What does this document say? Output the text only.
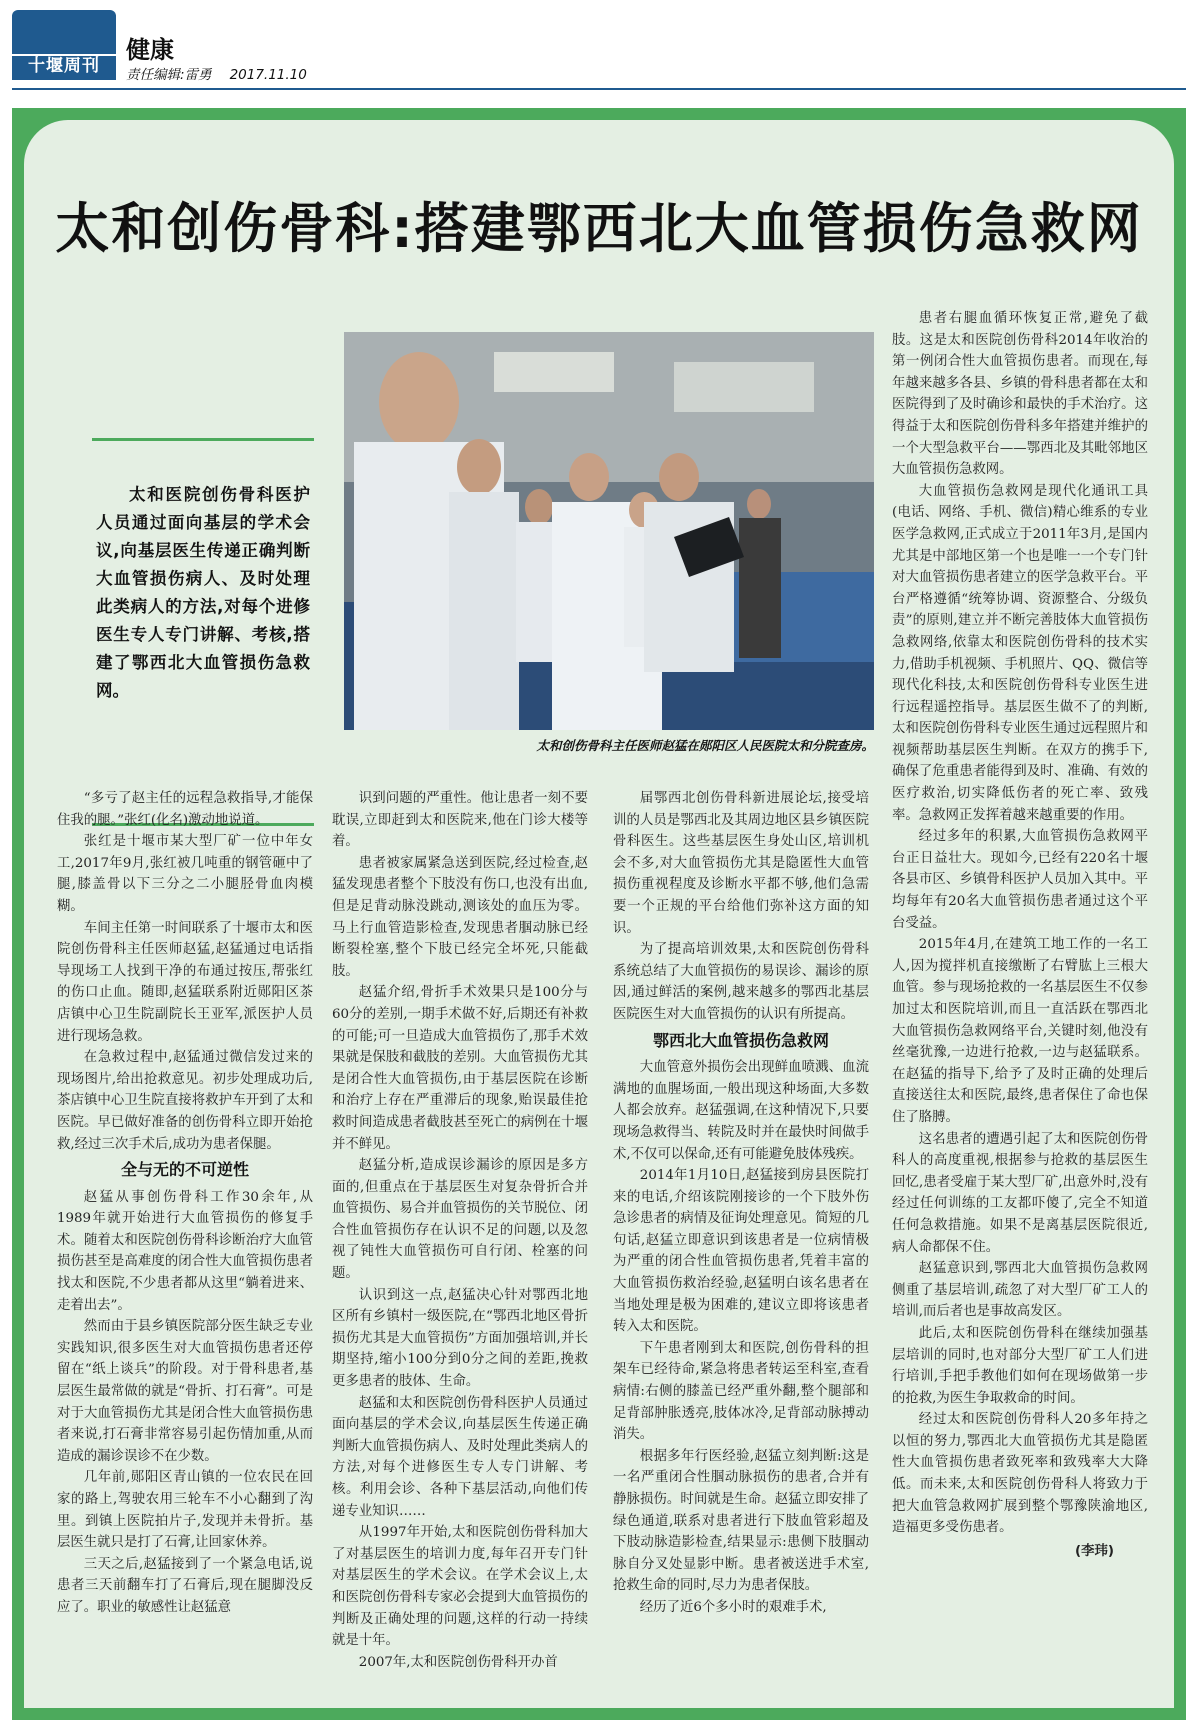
十堰周刊
健康
责任编辑:雷勇 2017.11.10
太和创伤骨科:搭建鄂西北大血管损伤急救网
太和创伤骨科主任医师赵猛在郧阳区人民医院太和分院查房。

太和医院创伤骨科医护人员通过面向基层的学术会议,向基层医生传递正确判断大血管损伤病人、及时处理此类病人的方法,对每个进修医生专人专门讲解、考核,搭建了鄂西北大血管损伤急救网。

“多亏了赵主任的远程急救指导,才能保住我的腿。”张红(化名)激动地说道。

张红是十堰市某大型厂矿一位中年女工,2017年9月,张红被几吨重的钢管砸中了腿,膝盖骨以下三分之二小腿胫骨血肉模糊。

车间主任第一时间联系了十堰市太和医院创伤骨科主任医师赵猛,赵猛通过电话指导现场工人找到干净的布通过按压,帮张红的伤口止血。随即,赵猛联系附近郧阳区茶店镇中心卫生院副院长王亚军,派医护人员进行现场急救。

在急救过程中,赵猛通过微信发过来的现场图片,给出抢救意见。初步处理成功后,茶店镇中心卫生院直接将救护车开到了太和医院。早已做好准备的创伤骨科立即开始抢救,经过三次手术后,成功为患者保腿。

全与无的不可逆性

赵猛从事创伤骨科工作30余年,从1989年就开始进行大血管损伤的修复手术。随着太和医院创伤骨科诊断治疗大血管损伤甚至是高难度的闭合性大血管损伤患者找太和医院,不少患者都从这里“躺着进来、走着出去”。

然而由于县乡镇医院部分医生缺乏专业实践知识,很多医生对大血管损伤患者还停留在“纸上谈兵”的阶段。对于骨科患者,基层医生最常做的就是“骨折、打石膏”。可是对于大血管损伤尤其是闭合性大血管损伤患者来说,打石膏非常容易引起伤情加重,从而造成的漏诊误诊不在少数。

几年前,郧阳区青山镇的一位农民在回家的路上,驾驶农用三轮车不小心翻到了沟里。到镇上医院拍片子,发现并未骨折。基层医生就只是打了石膏,让回家休养。

三天之后,赵猛接到了一个紧急电话,说患者三天前翻车打了石膏后,现在腿脚没反应了。职业的敏感性让赵猛意

识到问题的严重性。他让患者一刻不要耽误,立即赶到太和医院来,他在门诊大楼等着。

患者被家属紧急送到医院,经过检查,赵猛发现患者整个下肢没有伤口,也没有出血,但是足背动脉没跳动,测该处的血压为零。马上行血管造影检查,发现患者腘动脉已经断裂栓塞,整个下肢已经完全坏死,只能截肢。

赵猛介绍,骨折手术效果只是100分与60分的差别,一期手术做不好,后期还有补救的可能;可一旦造成大血管损伤了,那手术效果就是保肢和截肢的差别。大血管损伤尤其是闭合性大血管损伤,由于基层医院在诊断和治疗上存在严重滞后的现象,贻误最佳抢救时间造成患者截肢甚至死亡的病例在十堰并不鲜见。

赵猛分析,造成误诊漏诊的原因是多方面的,但重点在于基层医生对复杂骨折合并血管损伤、易合并血管损伤的关节脱位、闭合性血管损伤存在认识不足的问题,以及忽视了钝性大血管损伤可自行闭、栓塞的问题。

认识到这一点,赵猛决心针对鄂西北地区所有乡镇村一级医院,在“鄂西北地区骨折损伤尤其是大血管损伤”方面加强培训,并长期坚持,缩小100分到0分之间的差距,挽救更多患者的肢体、生命。

赵猛和太和医院创伤骨科医护人员通过面向基层的学术会议,向基层医生传递正确判断大血管损伤病人、及时处理此类病人的方法,对每个进修医生专人专门讲解、考核。利用会诊、各种下基层活动,向他们传递专业知识……

从1997年开始,太和医院创伤骨科加大了对基层医生的培训力度,每年召开专门针对基层医生的学术会议。在学术会议上,太和医院创伤骨科专家必会提到大血管损伤的判断及正确处理的问题,这样的行动一持续就是十年。

2007年,太和医院创伤骨科开办首

届鄂西北创伤骨科新进展论坛,接受培训的人员是鄂西北及其周边地区县乡镇医院骨科医生。这些基层医生身处山区,培训机会不多,对大血管损伤尤其是隐匿性大血管损伤重视程度及诊断水平都不够,他们急需要一个正规的平台给他们弥补这方面的知识。

为了提高培训效果,太和医院创伤骨科系统总结了大血管损伤的易误诊、漏诊的原因,通过鲜活的案例,越来越多的鄂西北基层医院医生对大血管损伤的认识有所提高。

鄂西北大血管损伤急救网

大血管意外损伤会出现鲜血喷溅、血流满地的血腥场面,一般出现这种场面,大多数人都会放弃。赵猛强调,在这种情况下,只要现场急救得当、转院及时并在最快时间做手术,不仅可以保命,还有可能避免肢体残疾。

2014年1月10日,赵猛接到房县医院打来的电话,介绍该院刚接诊的一个下肢外伤急诊患者的病情及征询处理意见。简短的几句话,赵猛立即意识到该患者是一位病情极为严重的闭合性血管损伤患者,凭着丰富的大血管损伤救治经验,赵猛明白该名患者在当地处理是极为困难的,建议立即将该患者转入太和医院。

下午患者刚到太和医院,创伤骨科的担架车已经待命,紧急将患者转运至科室,查看病情:右侧的膝盖已经严重外翻,整个腿部和足背部肿胀透亮,肢体冰冷,足背部动脉搏动消失。

根据多年行医经验,赵猛立刻判断:这是一名严重闭合性腘动脉损伤的患者,合并有静脉损伤。时间就是生命。赵猛立即安排了绿色通道,联系对患者进行下肢血管彩超及下肢动脉造影检查,结果显示:患侧下肢腘动脉自分叉处显影中断。患者被送进手术室,抢救生命的同时,尽力为患者保肢。

经历了近6个多小时的艰难手术,

患者右腿血循环恢复正常,避免了截肢。这是太和医院创伤骨科2014年收治的第一例闭合性大血管损伤患者。而现在,每年越来越多各县、乡镇的骨科患者都在太和医院得到了及时确诊和最快的手术治疗。这得益于太和医院创伤骨科多年搭建并维护的一个大型急救平台——鄂西北及其毗邻地区大血管损伤急救网。

大血管损伤急救网是现代化通讯工具(电话、网络、手机、微信)精心维系的专业医学急救网,正式成立于2011年3月,是国内尤其是中部地区第一个也是唯一一个专门针对大血管损伤患者建立的医学急救平台。平台严格遵循“统筹协调、资源整合、分级负责”的原则,建立并不断完善肢体大血管损伤急救网络,依靠太和医院创伤骨科的技术实力,借助手机视频、手机照片、QQ、微信等现代化科技,太和医院创伤骨科专业医生进行远程遥控指导。基层医生做不了的判断,太和医院创伤骨科专业医生通过远程照片和视频帮助基层医生判断。在双方的携手下,确保了危重患者能得到及时、准确、有效的医疗救治,切实降低伤者的死亡率、致残率。急救网正发挥着越来越重要的作用。

经过多年的积累,大血管损伤急救网平台正日益壮大。现如今,已经有220名十堰各县市区、乡镇骨科医护人员加入其中。平均每年有20名大血管损伤患者通过这个平台受益。

2015年4月,在建筑工地工作的一名工人,因为搅拌机直接缴断了右臂肱上三根大血管。参与现场抢救的一名基层医生不仅参加过太和医院培训,而且一直活跃在鄂西北大血管损伤急救网络平台,关键时刻,他没有丝毫犹豫,一边进行抢救,一边与赵猛联系。在赵猛的指导下,给予了及时正确的处理后直接送往太和医院,最终,患者保住了命也保住了胳膊。

这名患者的遭遇引起了太和医院创伤骨科人的高度重视,根据参与抢救的基层医生回忆,患者受雇于某大型厂矿,出意外时,没有经过任何训练的工友都吓傻了,完全不知道任何急救措施。如果不是离基层医院很近,病人命都保不住。

赵猛意识到,鄂西北大血管损伤急救网侧重了基层培训,疏忽了对大型厂矿工人的培训,而后者也是事故高发区。

此后,太和医院创伤骨科在继续加强基层培训的同时,也对部分大型厂矿工人们进行培训,手把手教他们如何在现场做第一步的抢救,为医生争取救命的时间。

经过太和医院创伤骨科人20多年持之以恒的努力,鄂西北大血管损伤尤其是隐匿性大血管损伤患者致死率和致残率大大降低。而未来,太和医院创伤骨科人将致力于把大血管急救网扩展到整个鄂豫陕渝地区,造福更多受伤患者。

(李玮)
